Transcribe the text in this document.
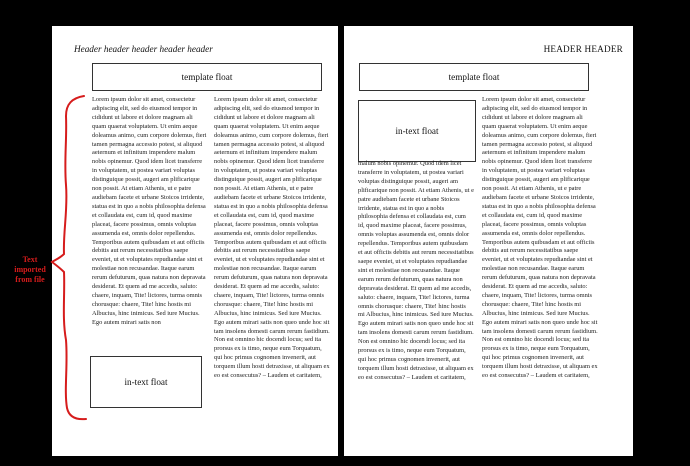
Header header header header header
template float

Lorem ipsum dolor sit amet, consectetur adipiscing elit, sed do eiusmod tempor in cididunt ut labore et dolore magnam ali quam quaerat voluptatem. Ut enim aeque doleamus animo, cum corpore dolemus, fieri tamen permagna accessio potest, si aliquod aeternum et infinitum impendere malum nobis opinemur. Quod idem licet transferre in voluptatem, ut postea variari voluptas distinguique possit, augeri am plificarique non possit. At etiam Athenis, ut e patre audiebam facete et urbane Stoicos irridente, statua est in quo a nobis philosophia defensa et collaudata est, cum id, quod maxime placeat, facere possimus, omnis voluptas assumenda est, omnis dolor repellendus. Temporibus autem quibusdam et aut officiis debitis aut rerum necessitatibus saepe eveniet, ut et voluptates repudiandae sint et molestiae non recusandae. Itaque earum rerum defuturum, quas natura non depravata desiderat. Et quem ad me accedis, saluto: chaere, inquam, Tite! lictores, turma omnis chorusque: chaere, Tite! hinc hostis mi Albucius, hinc inimicus. Sed iure Mucius. Ego autem mirari satis non

in-text float

Lorem ipsum dolor sit amet, consectetur adipiscing elit, sed do eiusmod tempor in cididunt ut labore et dolore magnam ali quam quaerat voluptatem. Ut enim aeque doleamus animo, cum corpore dolemus, fieri tamen permagna accessio potest, si aliquod aeternum et infinitum impendere malum nobis opinemur. Quod idem licet transferre in voluptatem, ut postea variari voluptas distinguique possit, augeri am plificarique non possit. At etiam Athenis, ut e patre audiebam facete et urbane Stoicos irridente, statua est in quo a nobis philosophia defensa et collaudata est, cum id, quod maxime placeat, facere possimus, omnis voluptas assumenda est, omnis dolor repellendus. Temporibus autem quibusdam et aut officiis debitis aut rerum necessitatibus saepe eveniet, ut et voluptates repudiandae sint et molestiae non recusandae. Itaque earum rerum defuturum, quas natura non depravata desiderat. Et quem ad me accedis, saluto: chaere, inquam, Tite! lictores, turma omnis chorusque: chaere, Tite! hinc hostis mi Albucius, hinc inimicus. Sed iure Mucius. Ego autem mirari satis non queo unde hoc sit tam insolens domesti carum rerum fastidium. Non est omnino hic docendi locus; sed ita prorsus ex is timo, neque eum Torquatum, qui hoc primus cognomen invenerit, aut torquem illum hosti detraxisse, ut aliquam ex eo est consecutus? – Laudem et caritatem,

HEADER HEADER
template float
in-text float

malum nobis opinemur. Quod idem licet transferre in voluptatem, ut postea variari voluptas distinguique possit, augeri am plificarique non possit. At etiam Athenis, ut e patre audiebam facete et urbane Stoicos irridente, statua est in quo a nobis philosophia defensa et collaudata est, cum id, quod maxime placeat, facere possimus, omnis voluptas assumenda est, omnis dolor repellendus. Temporibus autem quibusdam et aut officiis debitis aut rerum necessitatibus saepe eveniet, ut et voluptates repudiandae sint et molestiae non recusandae. Itaque earum rerum defuturum, quas natura non depravata desiderat. Et quem ad me accedis, saluto: chaere, inquam, Tite! lictores, turma omnis chorusque: chaere, Tite! hinc hostis mi Albucius, hinc inimicus. Sed iure Mucius. Ego autem mirari satis non queo unde hoc sit tam insolens domesti carum rerum fastidium. Non est omnino hic docendi locus; sed ita prorsus ex is timo, neque eum Torquatum, qui hoc primus cognomen invenerit, aut torquem illum hosti detraxisse, ut aliquam ex eo est consecutus? – Laudem et caritatem,

Lorem ipsum dolor sit amet, consectetur adipiscing elit, sed do eiusmod tempor in cididunt ut labore et dolore magnam ali quam quaerat voluptatem. Ut enim aeque doleamus animo, cum corpore dolemus, fieri tamen permagna accessio potest, si aliquod aeternum et infinitum impendere malum nobis opinemur. Quod idem licet transferre in voluptatem, ut postea variari voluptas distinguique possit, augeri am plificarique non possit. At etiam Athenis, ut e patre audiebam facete et urbane Stoicos irridente, statua est in quo a nobis philosophia defensa et collaudata est, cum id, quod maxime placeat, facere possimus, omnis voluptas assumenda est, omnis dolor repellendus. Temporibus autem quibusdam et aut officiis debitis aut rerum necessitatibus saepe eveniet, ut et voluptates repudiandae sint et molestiae non recusandae. Itaque earum rerum defuturum, quas natura non depravata desiderat. Et quem ad me accedis, saluto: chaere, inquam, Tite! lictores, turma omnis chorusque: chaere, Tite! hinc hostis mi Albucius, hinc inimicus. Sed iure Mucius. Ego autem mirari satis non queo unde hoc sit tam insolens domesti carum rerum fastidium. Non est omnino hic docendi locus; sed ita prorsus ex is timo, neque eum Torquatum, qui hoc primus cognomen invenerit, aut torquem illum hosti detraxisse, ut aliquam ex eo est consecutus? – Laudem et caritatem,

Text imported from file
